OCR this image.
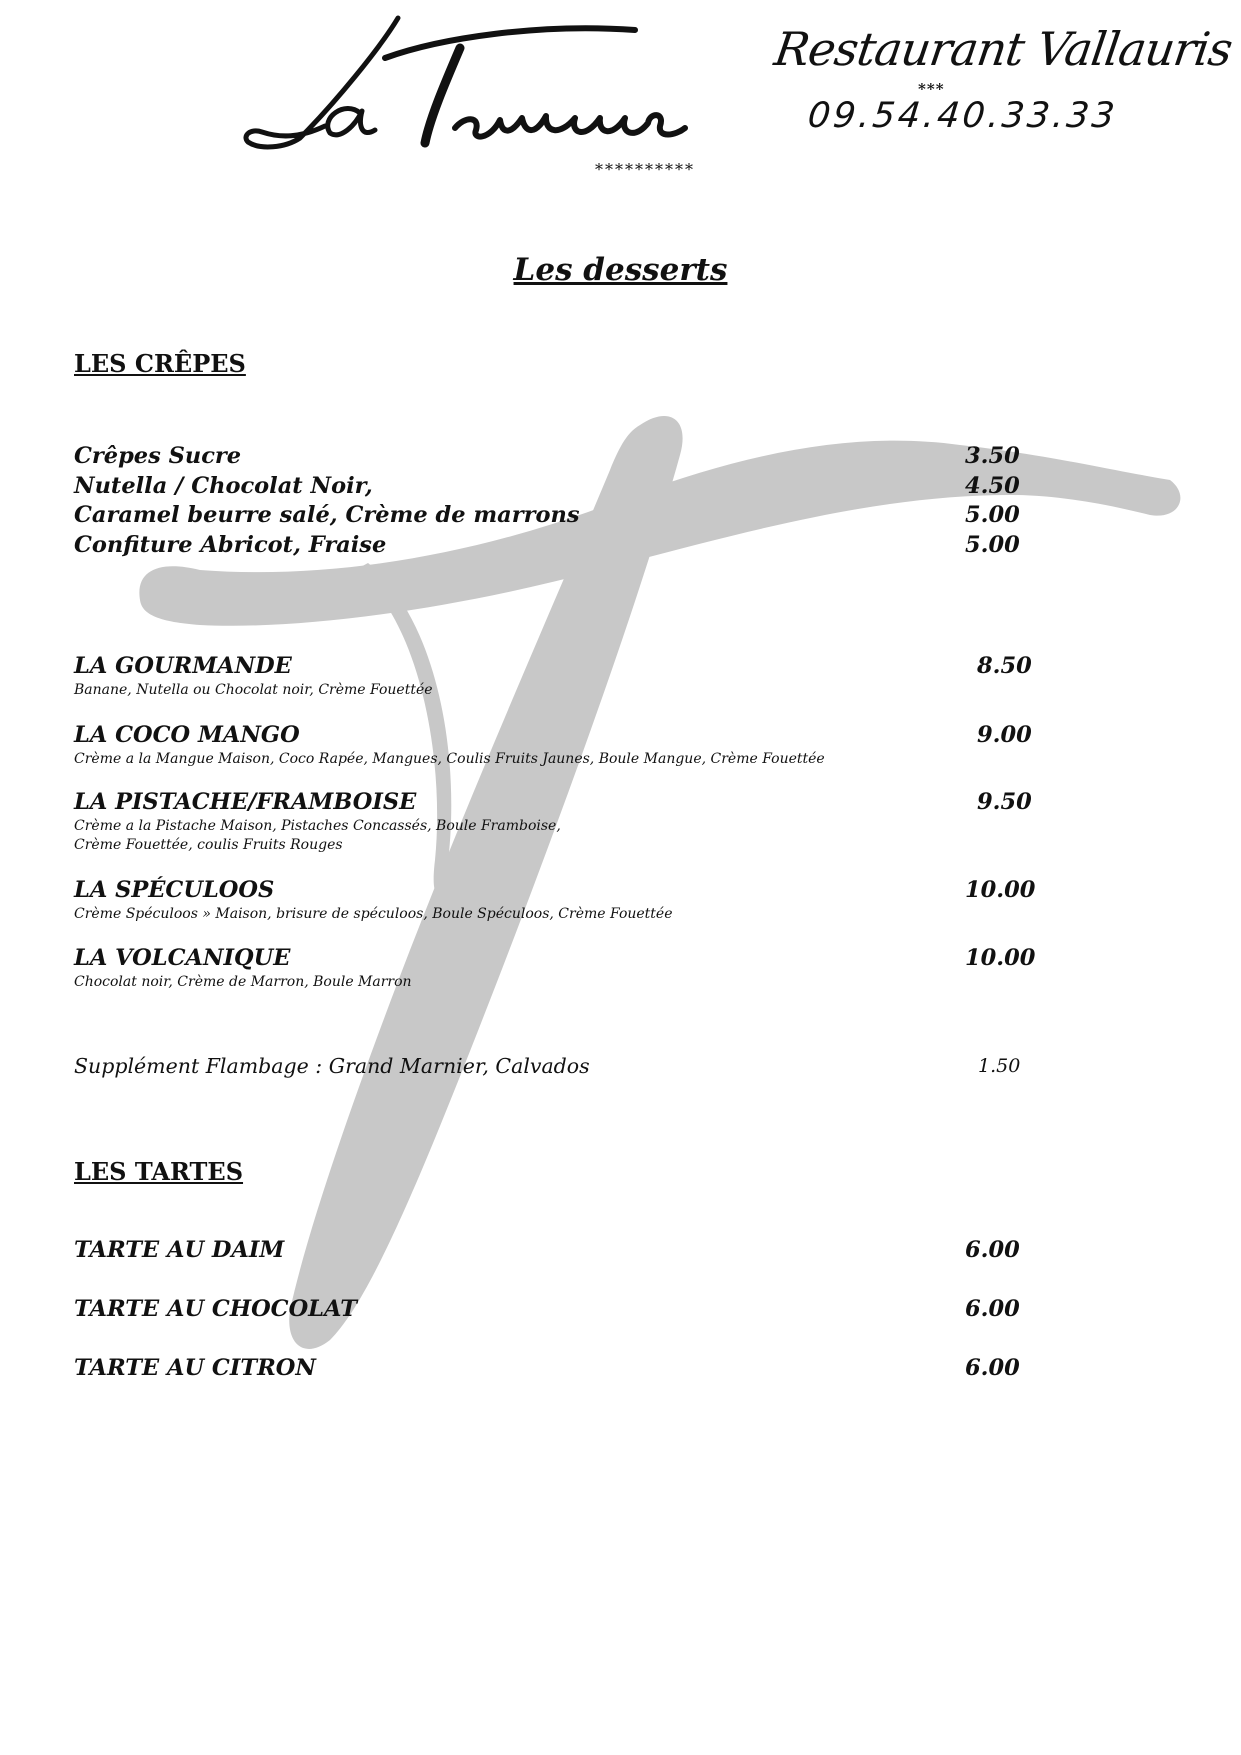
Restaurant Vallauris
***
09.54.40.33.33
**********
Les desserts
LES CRÊPES
Crêpes Sucre	3.50
Nutella / Chocolat Noir,	4.50
Caramel beurre salé, Crème de marrons	5.00
Confiture Abricot, Fraise	5.00
LA GOURMANDE	8.50
Banane, Nutella ou Chocolat noir, Crème Fouettée
LA COCO MANGO	9.00
Crème a la Mangue Maison, Coco Rapée, Mangues, Coulis Fruits Jaunes, Boule Mangue, Crème Fouettée
LA PISTACHE/FRAMBOISE	9.50
Crème a la Pistache Maison, Pistaches Concassés, Boule Framboise,
Crème Fouettée, coulis Fruits Rouges
LA SPÉCULOOS	10.00
Crème Spéculoos » Maison, brisure de spéculoos, Boule Spéculoos, Crème Fouettée
LA VOLCANIQUE	10.00
Chocolat noir, Crème de Marron, Boule Marron
Supplément Flambage : Grand Marnier, Calvados	1.50
LES TARTES
TARTE AU DAIM	6.00
TARTE AU CHOCOLAT	6.00
TARTE AU CITRON	6.00
